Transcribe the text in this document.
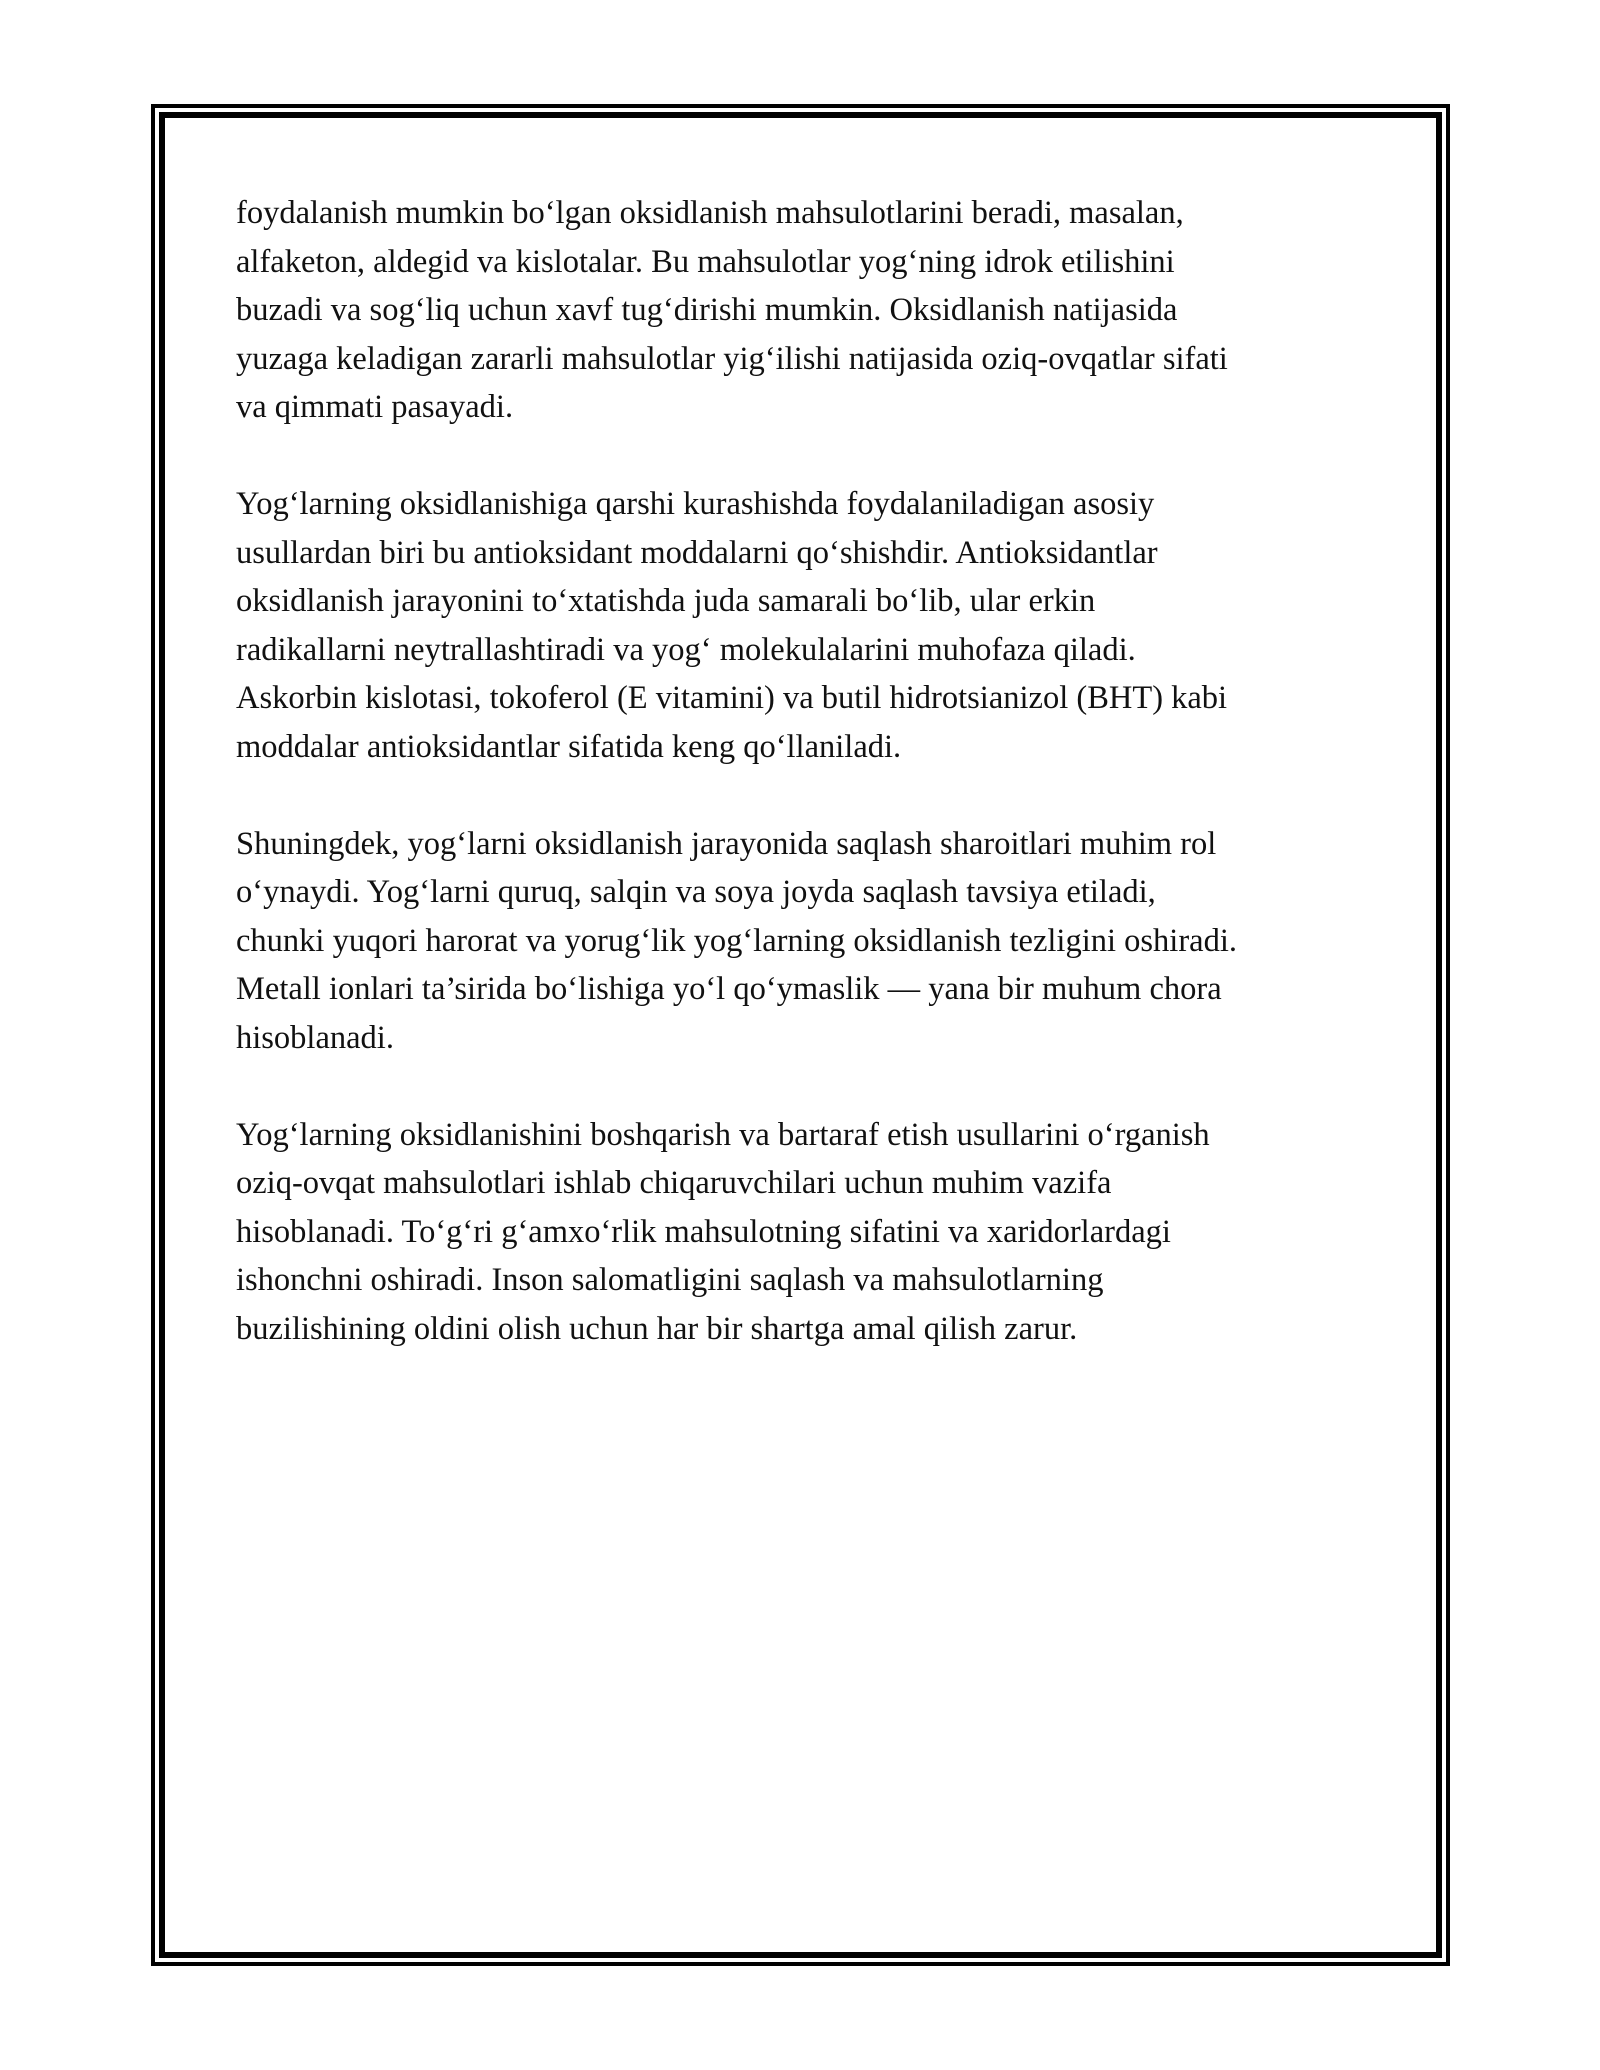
foydalanish mumkin bo‘lgan oksidlanish mahsulotlarini beradi, masalan,
alfaketon, aldegid va kislotalar. Bu mahsulotlar yog‘ning idrok etilishini
buzadi va sog‘liq uchun xavf tug‘dirishi mumkin. Oksidlanish natijasida
yuzaga keladigan zararli mahsulotlar yig‘ilishi natijasida oziq-ovqatlar sifati
va qimmati pasayadi.

Yog‘larning oksidlanishiga qarshi kurashishda foydalaniladigan asosiy
usullardan biri bu antioksidant moddalarni qo‘shishdir. Antioksidantlar
oksidlanish jarayonini to‘xtatishda juda samarali bo‘lib, ular erkin
radikallarni neytrallashtiradi va yog‘ molekulalarini muhofaza qiladi.
Askorbin kislotasi, tokoferol (E vitamini) va butil hidrotsianizol (BHT) kabi
moddalar antioksidantlar sifatida keng qo‘llaniladi.

Shuningdek, yog‘larni oksidlanish jarayonida saqlash sharoitlari muhim rol
o‘ynaydi. Yog‘larni quruq, salqin va soya joyda saqlash tavsiya etiladi,
chunki yuqori harorat va yorug‘lik yog‘larning oksidlanish tezligini oshiradi.
Metall ionlari ta’sirida bo‘lishiga yo‘l qo‘ymaslik — yana bir muhum chora
hisoblanadi.

Yog‘larning oksidlanishini boshqarish va bartaraf etish usullarini o‘rganish
oziq-ovqat mahsulotlari ishlab chiqaruvchilari uchun muhim vazifa
hisoblanadi. To‘g‘ri g‘amxo‘rlik mahsulotning sifatini va xaridorlardagi
ishonchni oshiradi. Inson salomatligini saqlash va mahsulotlarning
buzilishining oldini olish uchun har bir shartga amal qilish zarur.
